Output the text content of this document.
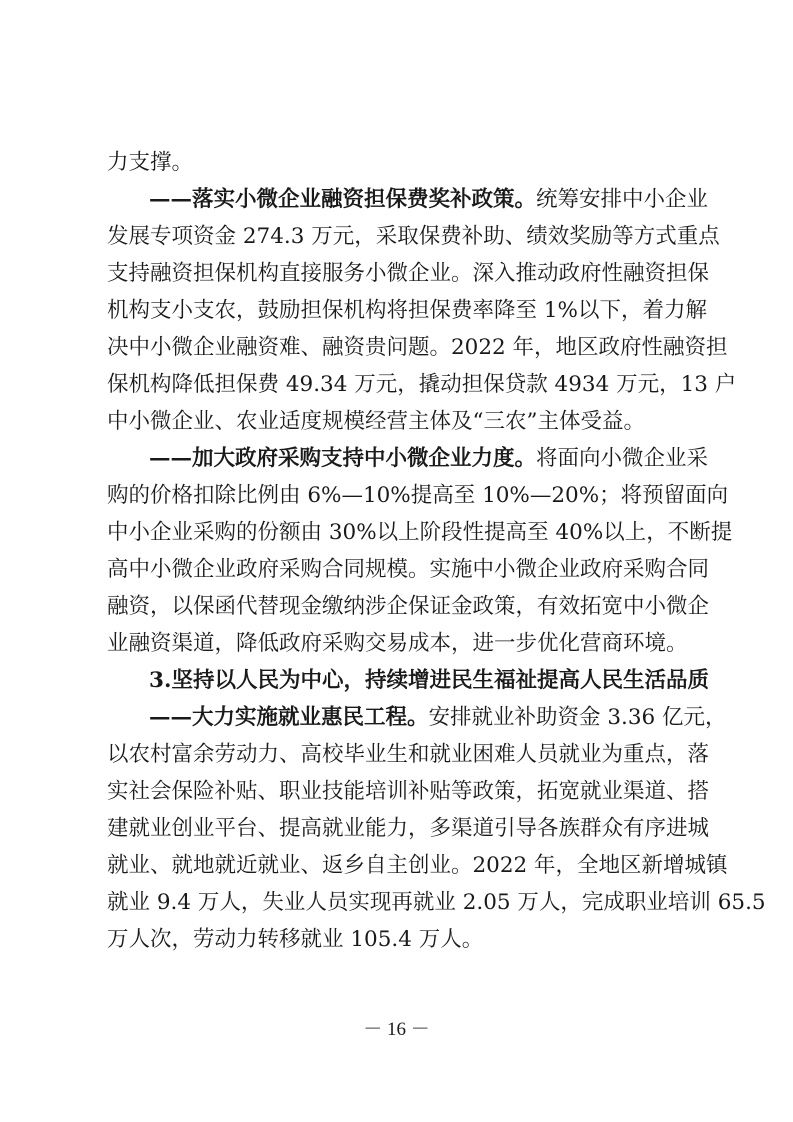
力支撑。
——落实小微企业融资担保费奖补政策。统筹安排中小企业
发展专项资金 274.3 万元，采取保费补助、绩效奖励等方式重点
支持融资担保机构直接服务小微企业。深入推动政府性融资担保
机构支小支农，鼓励担保机构将担保费率降至 1%以下，着力解
决中小微企业融资难、融资贵问题。2022 年，地区政府性融资担
保机构降低担保费 49.34 万元，撬动担保贷款 4934 万元，13 户
中小微企业、农业适度规模经营主体及“三农”主体受益。
——加大政府采购支持中小微企业力度。将面向小微企业采
购的价格扣除比例由 6%—10%提高至 10%—20%；将预留面向
中小企业采购的份额由 30%以上阶段性提高至 40%以上，不断提
高中小微企业政府采购合同规模。实施中小微企业政府采购合同
融资，以保函代替现金缴纳涉企保证金政策，有效拓宽中小微企
业融资渠道，降低政府采购交易成本，进一步优化营商环境。
3.坚持以人民为中心，持续增进民生福祉提高人民生活品质
——大力实施就业惠民工程。安排就业补助资金 3.36 亿元，
以农村富余劳动力、高校毕业生和就业困难人员就业为重点，落
实社会保险补贴、职业技能培训补贴等政策，拓宽就业渠道、搭
建就业创业平台、提高就业能力，多渠道引导各族群众有序进城
就业、就地就近就业、返乡自主创业。2022 年，全地区新增城镇
就业 9.4 万人，失业人员实现再就业 2.05 万人，完成职业培训 65.5
万人次，劳动力转移就业 105.4 万人。
－ 16 －
